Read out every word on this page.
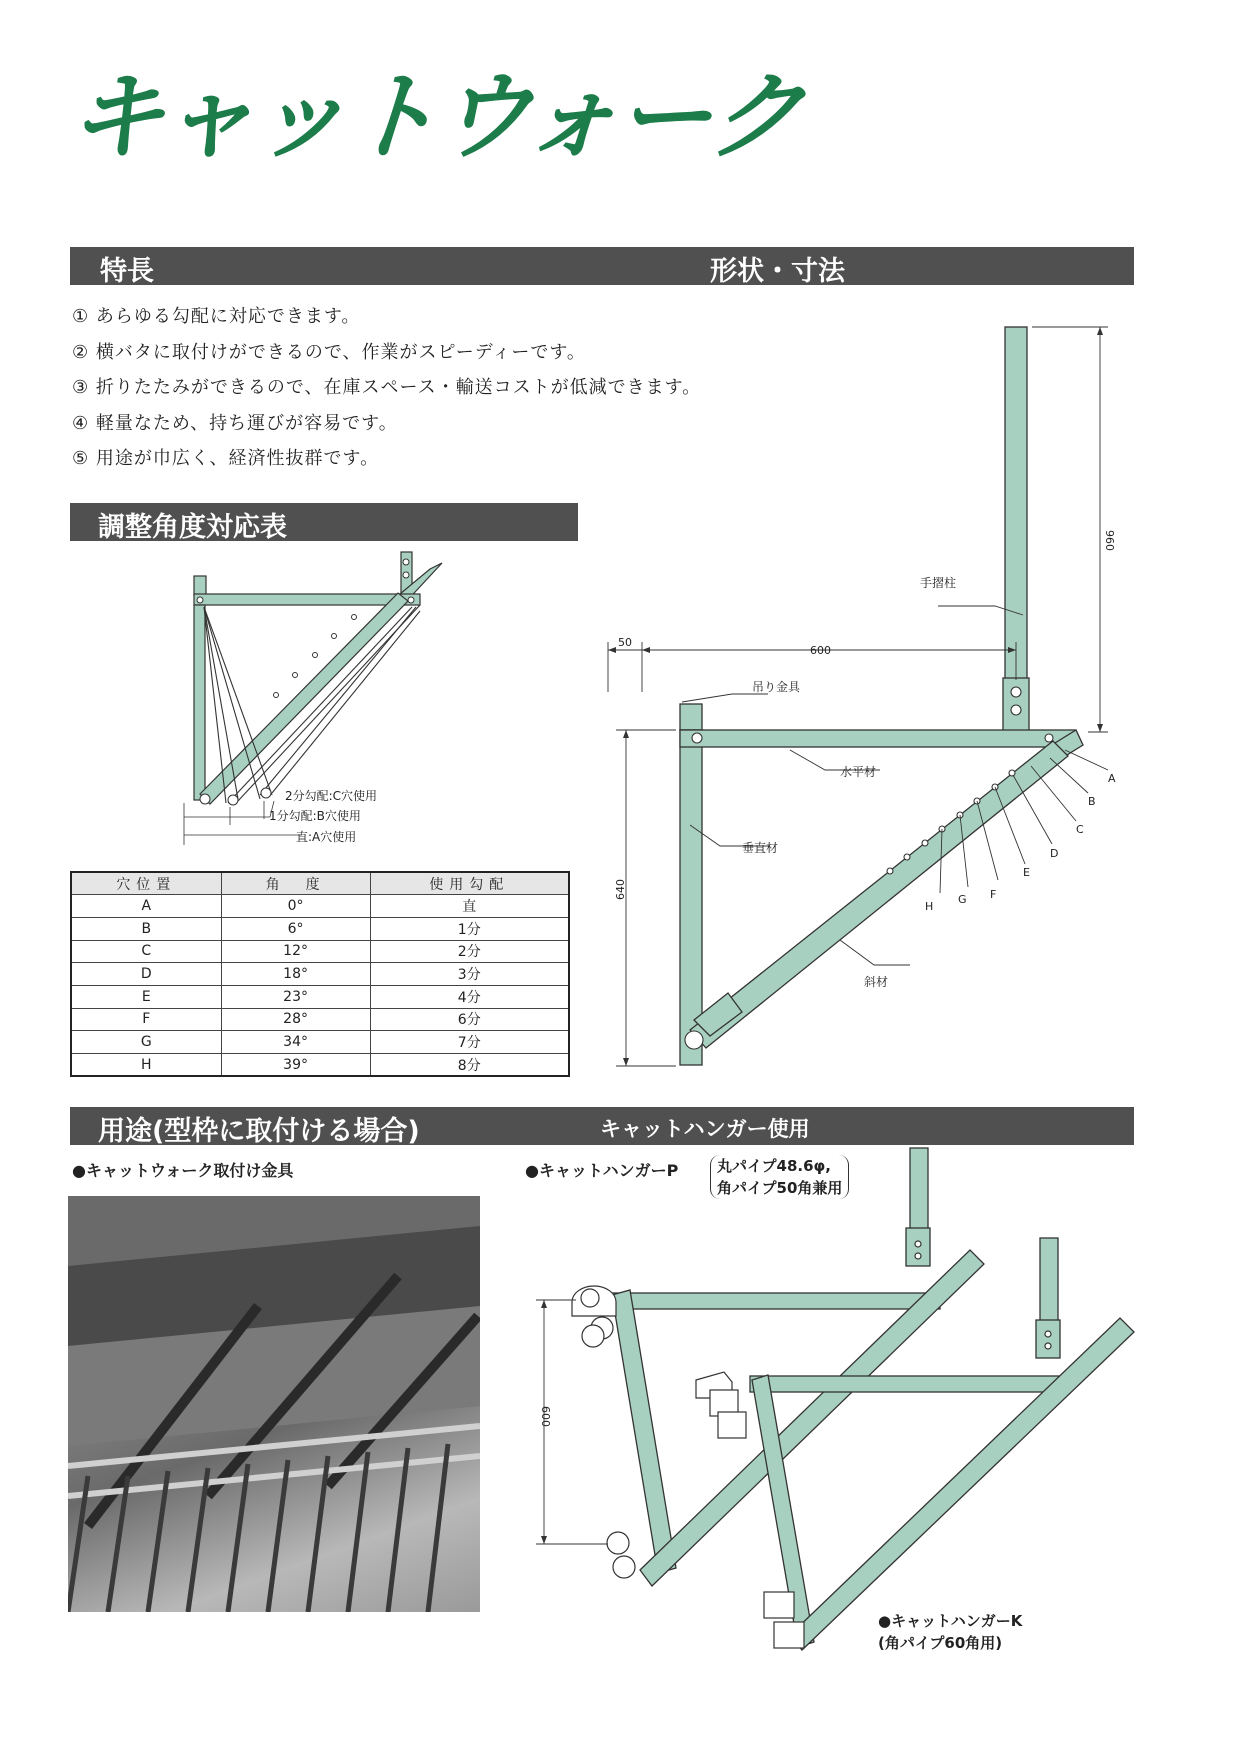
キャットウォーク
特長	形状・寸法
① あらゆる勾配に対応できます。
② 横バタに取付けができるので、作業がスピーディーです。
③ 折りたたみができるので、在庫スペース・輸送コストが低減できます。
④ 軽量なため、持ち運びが容易です。
⑤ 用途が巾広く、経済性抜群です。
調整角度対応表
2分勾配:C穴使用
1分勾配:B穴使用
直:A穴使用
穴位置	角　度	使用勾配
A	0°	直
B	6°	1分
C	12°	2分
D	18°	3分
E	23°	4分
F	28°	6分
G	34°	7分
H	39°	8分
960
600
50
640
手摺柱
吊り金具
水平材
垂直材
斜材
A
B
C
D
E
F
G
H
用途(型枠に取付ける場合)	キャットハンガー使用
●キャットウォーク取付け金具	●キャットハンガーP	丸パイプ48.6φ,
角パイプ50角兼用
600
●キャットハンガーK
(角パイプ60角用)
